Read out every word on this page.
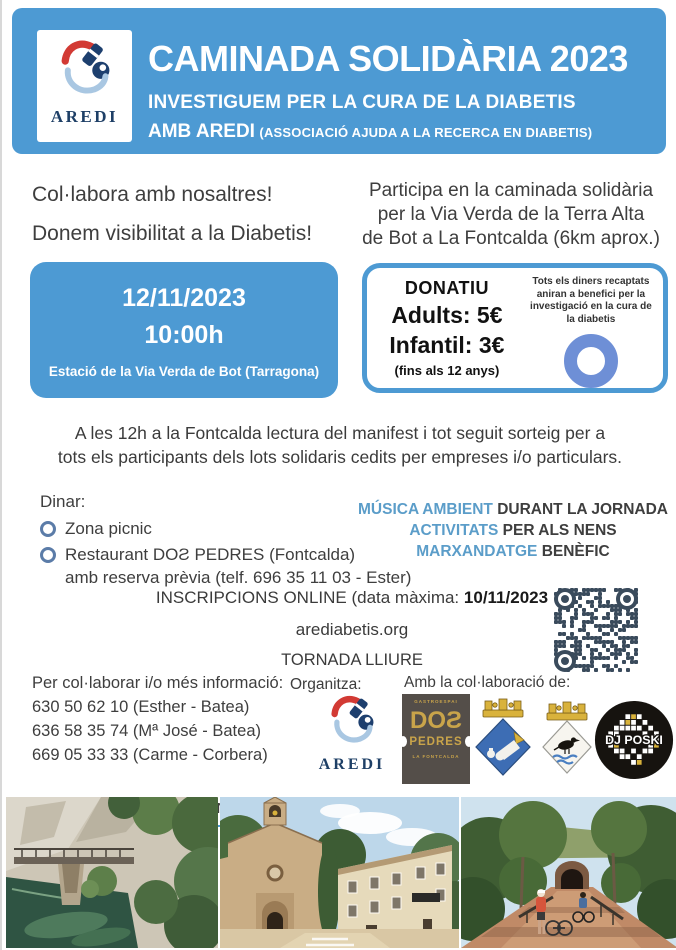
AREDI
CAMINADA SOLIDÀRIA 2023
INVESTIGUEM PER LA CURA DE LA DIABETIS
AMB AREDI (ASSOCIACIÓ AJUDA A LA RECERCA EN DIABETIS)
Col·labora amb nosaltres!
Donem visibilitat a la Diabetis!
Participa en la caminada solidària
per la Via Verda de la Terra Alta
de Bot a La Fontcalda (6km aprox.)
12/11/2023
10:00h
Estació de la Via Verda de Bot (Tarragona)
DONATIU
Adults: 5€
Infantil: 3€
(fins als 12 anys)
Tots els diners recaptats aniran a benefici per la investigació en la cura de la diabetis
A les 12h a la Fontcalda lectura del manifest i tot seguit sorteig per a
tots els participants dels lots solidaris cedits per empreses i/o particulars.
Dinar:
Zona picnic
Restaurant DOƧ PEDRES (Fontcalda)
amb reserva prèvia (telf. 696 35 11 03 - Ester)
MÚSICA AMBIENT DURANT LA JORNADA
ACTIVITATS PER ALS NENS
MARXANDATGE BENÈFIC
INSCRIPCIONS ONLINE (data màxima: 10/11/2023
arediabetis.org
TORNADA LLIURE
Per col·laborar i/o més informació:
630 50 62 10 (Esther - Batea)
636 58 35 74 (Mª José - Batea)
669 05 33 33 (Carme - Corbera)

Organitza:
AREDI
Amb la col·laboració de:
GASTROESPAI
DOƧ
PEDRES
LA FONTCALDA
DJ POSKI
